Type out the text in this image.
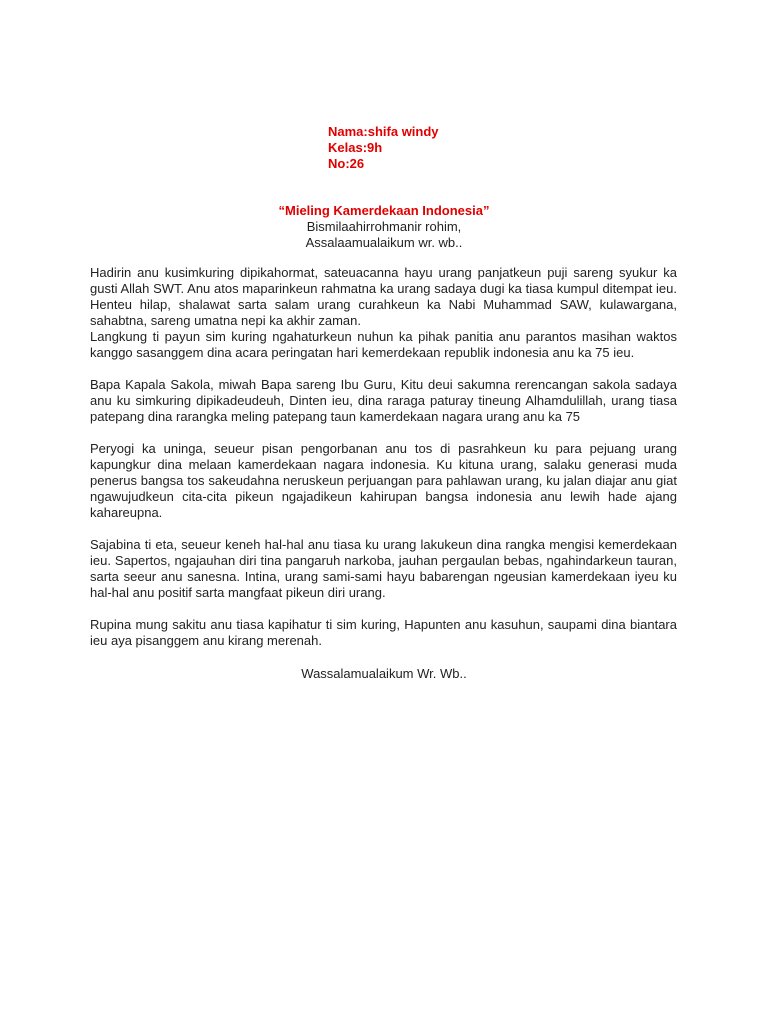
Nama:shifa windy
Kelas:9h
No:26
“Mieling Kamerdekaan Indonesia”
Bismilaahirrohmanir rohim,
Assalaamualaikum wr. wb..

Hadirin anu kusimkuring dipikahormat, sateuacanna hayu urang panjatkeun puji sareng syukur ka gusti Allah SWT. Anu atos maparinkeun rahmatna ka urang sadaya dugi ka tiasa kumpul ditempat ieu. Henteu hilap, shalawat sarta salam urang curahkeun ka Nabi Muhammad SAW, kulawargana, sahabtna, sareng umatna nepi ka akhir zaman.

Langkung ti payun sim kuring ngahaturkeun nuhun ka pihak panitia anu parantos masihan waktos kanggo sasanggem dina acara peringatan hari kemerdekaan republik indonesia anu ka 75 ieu.

Bapa Kapala Sakola, miwah Bapa sareng Ibu Guru, Kitu deui sakumna rerencangan sakola sadaya anu ku simkuring dipikadeudeuh, Dinten ieu, dina raraga paturay tineung Alhamdulillah, urang tiasa patepang dina rarangka meling patepang taun kamerdekaan nagara urang anu ka 75

Peryogi ka uninga, seueur pisan pengorbanan anu tos di pasrahkeun ku para pejuang urang kapungkur dina melaan kamerdekaan nagara indonesia. Ku kituna urang, salaku generasi muda penerus bangsa tos sakeudahna neruskeun perjuangan para pahlawan urang, ku jalan diajar anu giat ngawujudkeun cita-cita pikeun ngajadikeun kahirupan bangsa indonesia anu lewih hade ajang kahareupna.

Sajabina ti eta, seueur keneh hal-hal anu tiasa ku urang lakukeun dina rangka mengisi kemerdekaan ieu. Sapertos, ngajauhan diri tina pangaruh narkoba, jauhan pergaulan bebas, ngahindarkeun tauran, sarta seeur anu sanesna. Intina, urang sami-sami hayu babarengan ngeusian kamerdekaan iyeu ku hal-hal anu positif sarta mangfaat pikeun diri urang.

Rupina mung sakitu anu tiasa kapihatur ti sim kuring, Hapunten anu kasuhun, saupami dina biantara ieu aya pisanggem anu kirang merenah.

Wassalamualaikum Wr. Wb..
